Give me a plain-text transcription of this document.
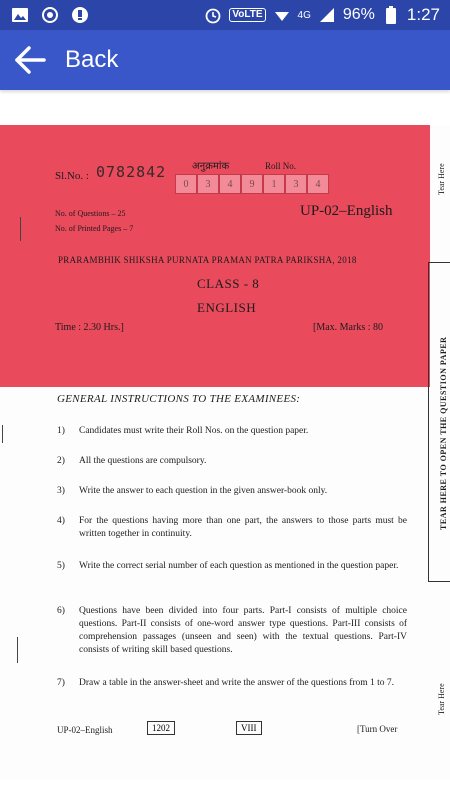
VoLTE	4G 96% 1:27
Back
Sl.No. : 0782842	अनुक्रमांक	Roll No.
0	3	4	9	1	3	4
No. of Questions – 25
No. of Printed Pages – 7
UP-02–English
PRARAMBHIK SHIKSHA PURNATA PRAMAN PATRA PARIKSHA, 2018
CLASS - 8
ENGLISH
Time : 2.30 Hrs.]	[Max. Marks : 80
Tear Here
TEAR HERE TO OPEN THE QUESTION PAPER
Tear Here
GENERAL INSTRUCTIONS TO THE EXAMINEES:
1)	Candidates must write their Roll Nos. on the question paper.
2)	All the questions are compulsory.
3)	Write the answer to each question in the given answer-book only.
4)	For the questions having more than one part, the answers to those parts must be written together in continuity.
5)	Write the correct serial number of each question as mentioned in the question paper.
6)	Questions have been divided into four parts. Part-I consists of multiple choice questions. Part-II consists of one-word answer type questions. Part-III consists of comprehension passages (unseen and seen) with the textual questions. Part-IV consists of writing skill based questions.
7)	Draw a table in the answer-sheet and write the answer of the questions from 1 to 7.
UP-02–English	1202	VIII	[Turn Over
